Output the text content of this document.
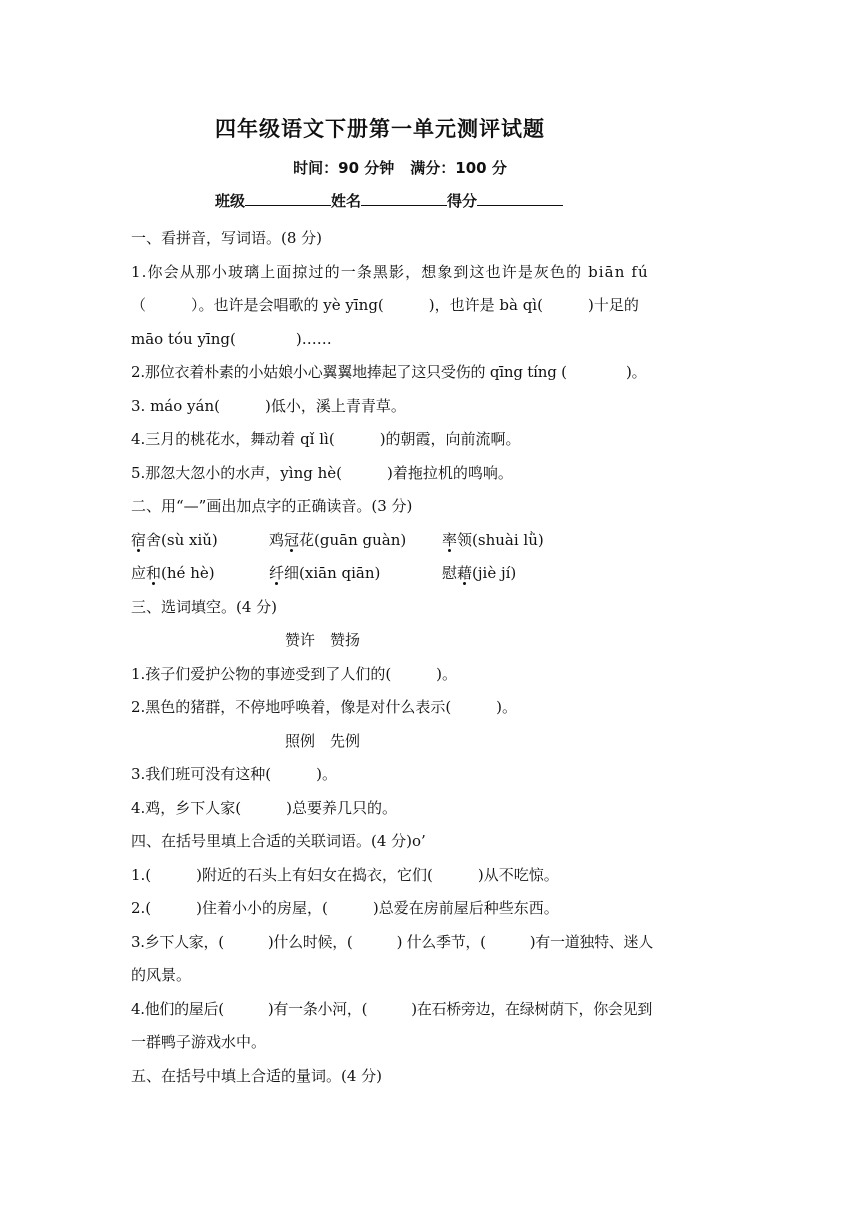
四年级语文下册第一单元测评试题
时间：90 分钟 满分：100 分
班级	姓名	得分
一、看拼音，写词语。(8 分)
1.你会从那小玻璃上面掠过的一条黑影，想象到这也许是灰色的 biān fú
（　　　）。也许是会唱歌的 yè yīng(　　　)，也许是 bà qì(　　　)十足的
māo tóu yīng(　　　　)……
2.那位衣着朴素的小姑娘小心翼翼地捧起了这只受伤的 qīng tíng (　　　　)。
3. máo yán(　　　)低小，溪上青青草。
4.三月的桃花水，舞动着 qǐ lì(　　　)的朝霞，向前流啊。
5.那忽大忽小的水声，yìng hè(　　　)着拖拉机的鸣响。
二、用“—”画出加点字的正确读音。(3 分)
宿舍(sù xiǔ)	鸡冠花(guān guàn) 率领(shuài lǜ)
应和(hé hè)	纤细(xiān qiān)	慰藉(jiè jí)
三、选词填空。(4 分)
赞许　赞扬
1.孩子们爱护公物的事迹受到了人们的(　　　)。
2.黑色的猪群，不停地呼唤着，像是对什么表示(　　　)。
照例　先例
3.我们班可没有这种(　　　)。
4.鸡，乡下人家(　　　)总要养几只的。
四、在括号里填上合适的关联词语。(4 分)o’
1.(　　　)附近的石头上有妇女在捣衣，它们(　　　)从不吃惊。
2.(　　　)住着小小的房屋，(　　　)总爱在房前屋后种些东西。
3.乡下人家，(　　　)什么时候，(　　　) 什么季节，(　　　)有一道独特、迷人
的风景。
4.他们的屋后(　　　)有一条小河，(　　　)在石桥旁边，在绿树荫下，你会见到
一群鸭子游戏水中。
五、在括号中填上合适的量词。(4 分)
